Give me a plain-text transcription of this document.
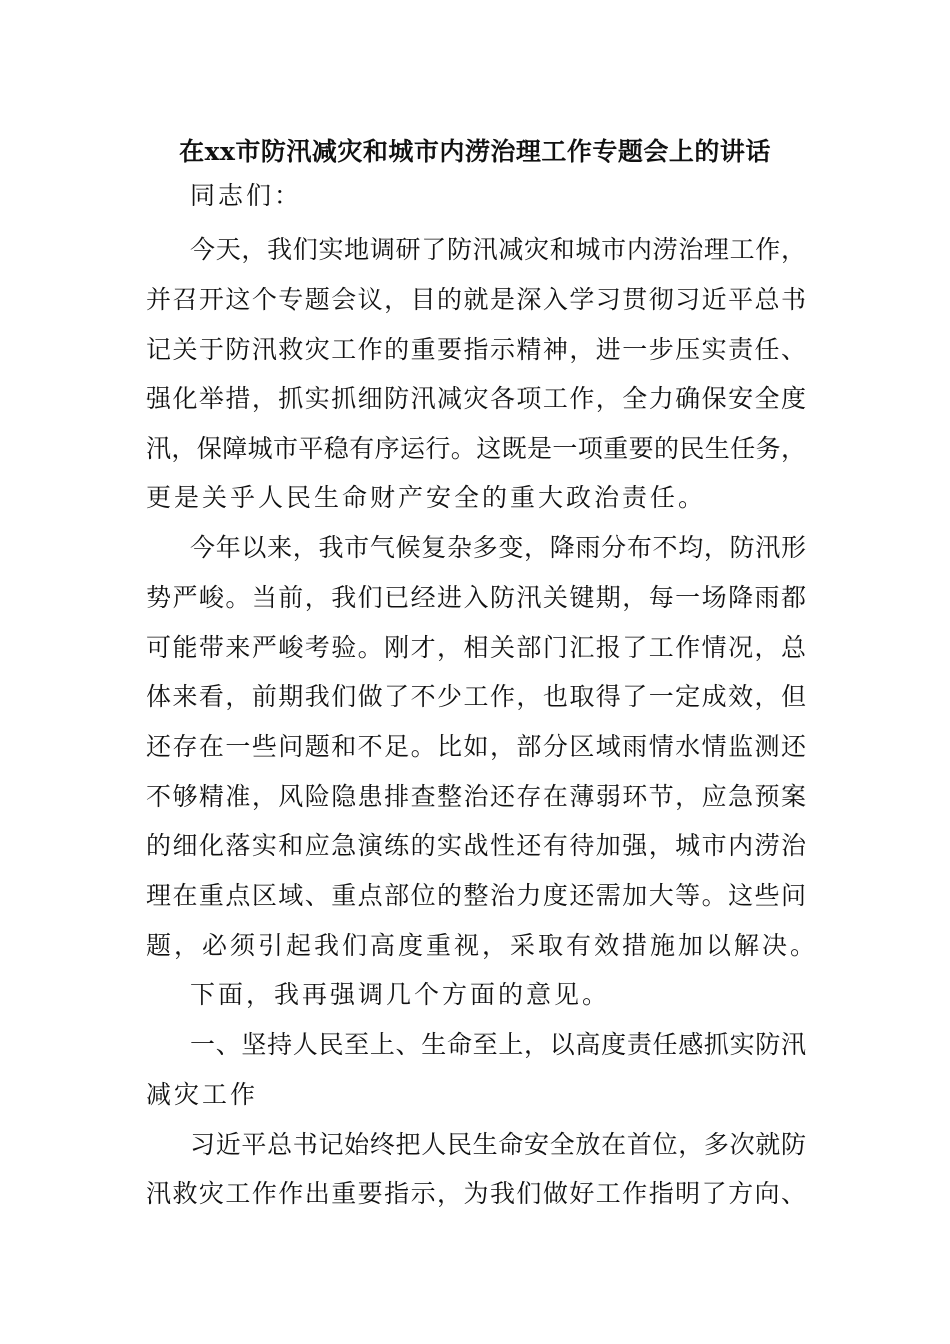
在xx市防汛减灾和城市内涝治理工作专题会上的讲话

同志们：

今天，我们实地调研了防汛减灾和城市内涝治理工作，

并召开这个专题会议，目的就是深入学习贯彻习近平总书

记关于防汛救灾工作的重要指示精神，进一步压实责任、

强化举措，抓实抓细防汛减灾各项工作，全力确保安全度

汛，保障城市平稳有序运行。这既是一项重要的民生任务，

更是关乎人民生命财产安全的重大政治责任。

今年以来，我市气候复杂多变，降雨分布不均，防汛形

势严峻。当前，我们已经进入防汛关键期，每一场降雨都

可能带来严峻考验。刚才，相关部门汇报了工作情况，总

体来看，前期我们做了不少工作，也取得了一定成效，但

还存在一些问题和不足。比如，部分区域雨情水情监测还

不够精准，风险隐患排查整治还存在薄弱环节，应急预案

的细化落实和应急演练的实战性还有待加强，城市内涝治

理在重点区域、重点部位的整治力度还需加大等。这些问

题，必须引起我们高度重视，采取有效措施加以解决。

下面，我再强调几个方面的意见。

一、坚持人民至上、生命至上，以高度责任感抓实防汛

减灾工作

习近平总书记始终把人民生命安全放在首位，多次就防

汛救灾工作作出重要指示，为我们做好工作指明了方向、
